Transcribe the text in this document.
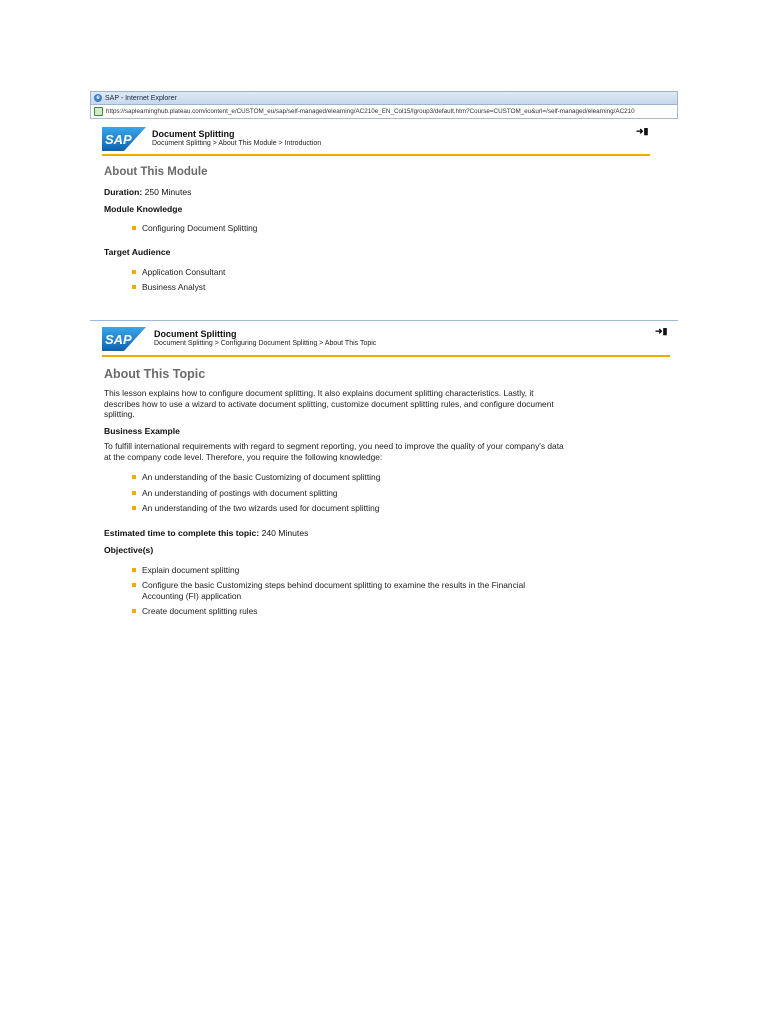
e SAP - Internet Explorer
https://saplearninghub.plateau.com/icontent_e/CUSTOM_eu/sap/self-managed/elearning/AC210e_EN_Col15/lgroup3/default.htm?Course=CUSTOM_eu&url=/self-managed/elearning/AC210
SAP Document Splitting
Document Splitting > About This Module > Introduction
➜▮
About This Module
Duration: 250 Minutes
Module Knowledge
Configuring Document Splitting
Target Audience
Application Consultant
Business Analyst
SAP Document Splitting
Document Splitting > Configuring Document Splitting > About This Topic
➜▮
About This Topic
This lesson explains how to configure document splitting. It also explains document splitting characteristics. Lastly, it describes how to use a wizard to activate document splitting, customize document splitting rules, and configure document splitting.
Business Example
To fulfill international requirements with regard to segment reporting, you need to improve the quality of your company's data at the company code level. Therefore, you require the following knowledge:
An understanding of the basic Customizing of document splitting
An understanding of postings with document splitting
An understanding of the two wizards used for document splitting
Estimated time to complete this topic: 240 Minutes
Objective(s)
Explain document splitting
Configure the basic Customizing steps behind document splitting to examine the results in the Financial Accounting (FI) application
Create document splitting rules
